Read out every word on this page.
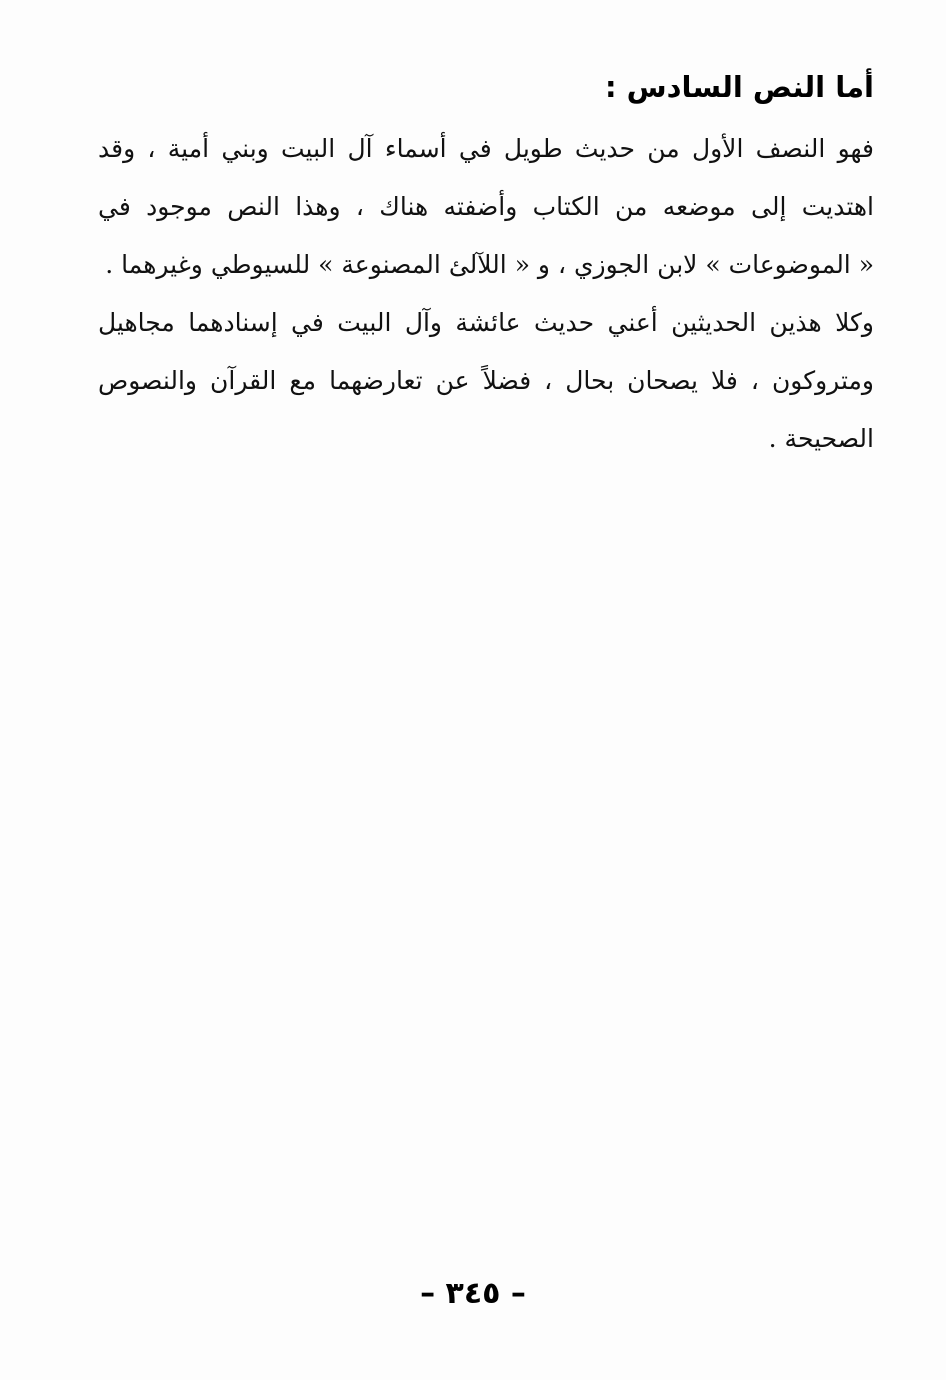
أما النص السادس :
فهو النصف الأول من حديث طويل في أسماء آل البيت وبني أمية ، وقد
اهتديت إلى موضعه من الكتاب وأضفته هناك ، وهذا النص موجود في
« الموضوعات » لابن الجوزي ، و « اللآلئ المصنوعة » للسيوطي وغيرهما .
وكلا هذين الحديثين أعني حديث عائشة وآل البيت في إسنادهما مجاهيل
ومتروكون ، فلا يصحان بحال ، فضلاً عن تعارضهما مع القرآن والنصوص
الصحيحة .
– ٣٤٥ –
